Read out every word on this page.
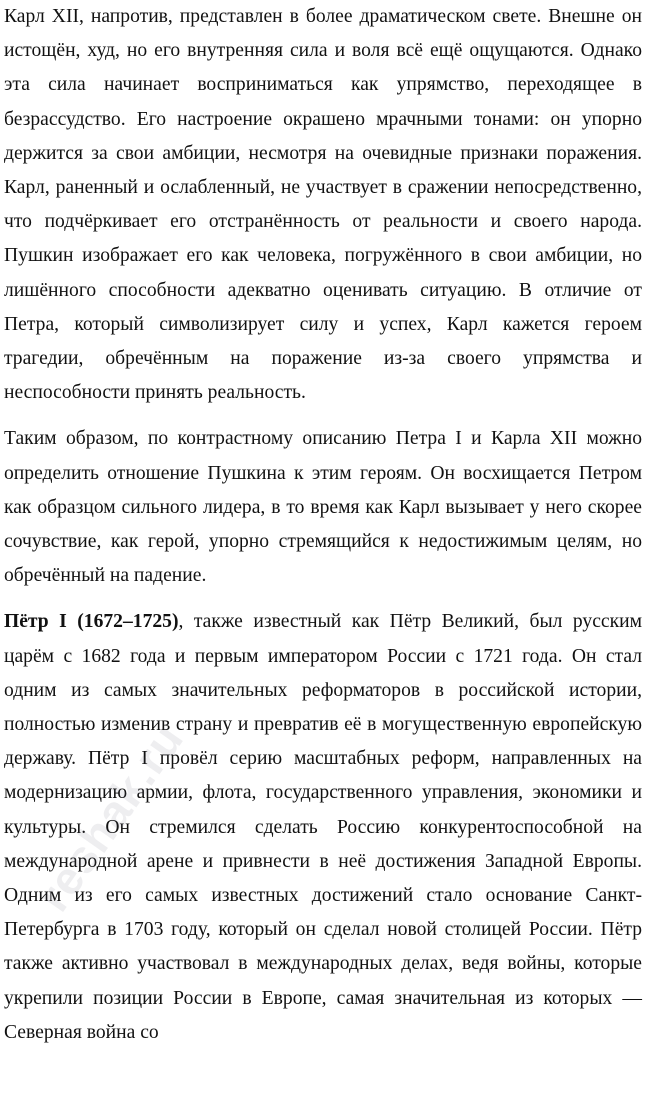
Карл XII, напротив, представлен в более драматическом свете. Внешне он истощён, худ, но его внутренняя сила и воля всё ещё ощущаются. Однако эта сила начинает восприниматься как упрямство, переходящее в безрассудство. Его настроение окрашено мрачными тонами: он упорно держится за свои амбиции, несмотря на очевидные признаки поражения. Карл, раненный и ослабленный, не участвует в сражении непосредственно, что подчёркивает его отстранённость от реальности и своего народа. Пушкин изображает его как человека, погружённого в свои амбиции, но лишённого способности адекватно оценивать ситуацию. В отличие от Петра, который символизирует силу и успех, Карл кажется героем трагедии, обречённым на поражение из-за своего упрямства и неспособности принять реальность.

Таким образом, по контрастному описанию Петра I и Карла XII можно определить отношение Пушкина к этим героям. Он восхищается Петром как образцом сильного лидера, в то время как Карл вызывает у него скорее сочувствие, как герой, упорно стремящийся к недостижимым целям, но обречённый на падение.

Пётр I (1672–1725), также известный как Пётр Великий, был русским царём с 1682 года и первым императором России с 1721 года. Он стал одним из самых значительных реформаторов в российской истории, полностью изменив страну и превратив её в могущественную европейскую державу. Пётр I провёл серию масштабных реформ, направленных на модернизацию армии, флота, государственного управления, экономики и культуры. Он стремился сделать Россию конкурентоспособной на международной арене и привнести в неё достижения Западной Европы. Одним из его самых известных достижений стало основание Санкт-Петербурга в 1703 году, который он сделал новой столицей России. Пётр также активно участвовал в международных делах, ведя войны, которые укрепили позиции России в Европе, самая значительная из которых — Северная война со

reshak.ru
